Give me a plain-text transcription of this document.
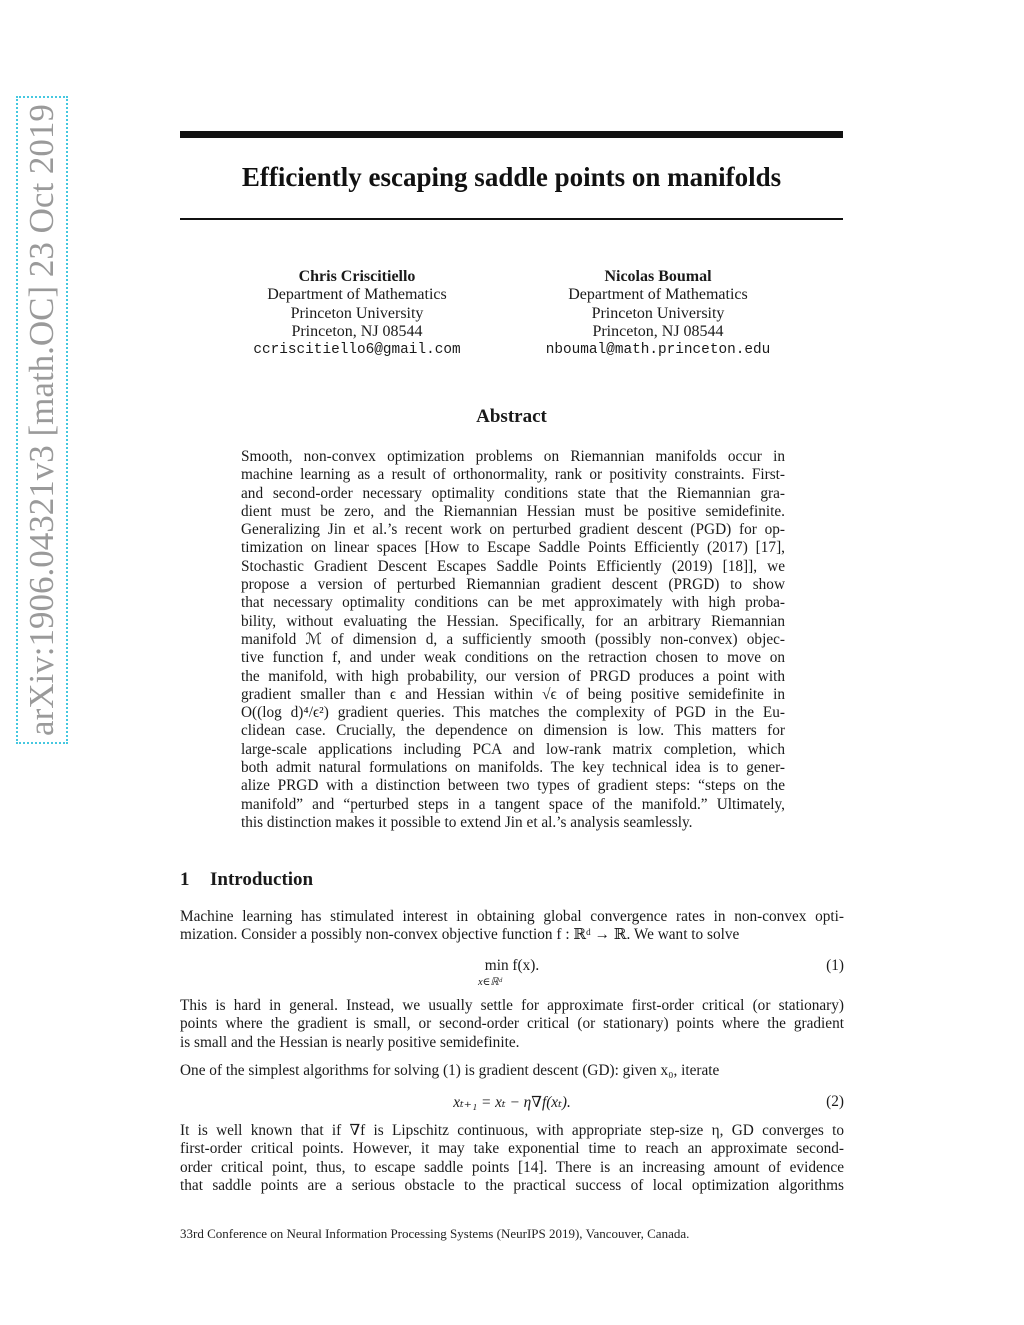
arXiv:1906.04321v3 [math.OC] 23 Oct 2019	Efficiently escaping saddle points on manifolds
Chris Criscitiello
Department of Mathematics
Princeton University
Princeton, NJ 08544
ccriscitiello6@gmail.com
Nicolas Boumal
Department of Mathematics
Princeton University
Princeton, NJ 08544
nboumal@math.princeton.edu
Abstract
Smooth, non-convex optimization problems on Riemannian manifolds occur in
machine learning as a result of orthonormality, rank or positivity constraints. First-
and second-order necessary optimality conditions state that the Riemannian gra-
dient must be zero, and the Riemannian Hessian must be positive semidefinite.
Generalizing Jin et al.’s recent work on perturbed gradient descent (PGD) for op-
timization on linear spaces [How to Escape Saddle Points Efficiently (2017) [17],
Stochastic Gradient Descent Escapes Saddle Points Efficiently (2019) [18]], we
propose a version of perturbed Riemannian gradient descent (PRGD) to show
that necessary optimality conditions can be met approximately with high proba-
bility, without evaluating the Hessian. Specifically, for an arbitrary Riemannian
manifold ℳ of dimension d, a sufficiently smooth (possibly non-convex) objec-
tive function f, and under weak conditions on the retraction chosen to move on
the manifold, with high probability, our version of PRGD produces a point with
gradient smaller than ϵ and Hessian within √ϵ of being positive semidefinite in
O((log d)⁴/ϵ²) gradient queries. This matches the complexity of PGD in the Eu-
clidean case. Crucially, the dependence on dimension is low. This matters for
large-scale applications including PCA and low-rank matrix completion, which
both admit natural formulations on manifolds. The key technical idea is to gener-
alize PRGD with a distinction between two types of gradient steps: “steps on the
manifold” and “perturbed steps in a tangent space of the manifold.” Ultimately,
this distinction makes it possible to extend Jin et al.’s analysis seamlessly.
1 Introduction
Machine learning has stimulated interest in obtaining global convergence rates in non-convex opti-
mization. Consider a possibly non-convex objective function f : ℝᵈ → ℝ. We want to solve
min f(x).
x∈ℝᵈ
(1)
This is hard in general. Instead, we usually settle for approximate first-order critical (or stationary)
points where the gradient is small, or second-order critical (or stationary) points where the gradient
is small and the Hessian is nearly positive semidefinite.
One of the simplest algorithms for solving (1) is gradient descent (GD): given x₀, iterate
xₜ₊₁ = xₜ − η∇f(xₜ).	(2)
It is well known that if ∇f is Lipschitz continuous, with appropriate step-size η, GD converges to
first-order critical points. However, it may take exponential time to reach an approximate second-
order critical point, thus, to escape saddle points [14]. There is an increasing amount of evidence
that saddle points are a serious obstacle to the practical success of local optimization algorithms
33rd Conference on Neural Information Processing Systems (NeurIPS 2019), Vancouver, Canada.
